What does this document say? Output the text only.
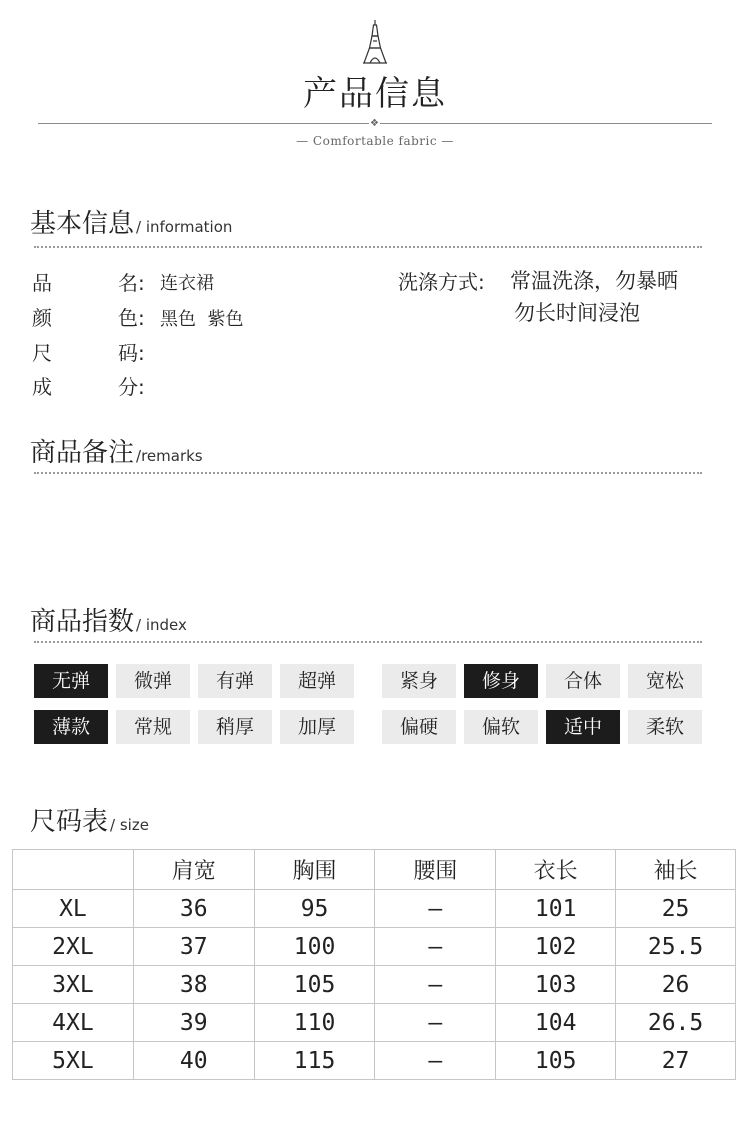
产品信息
❖
— Comfortable fabric —
基本信息 / information
品	名: 连衣裙
颜	色: 黑色  紫色
尺	码:
成	分:
洗涤方式: 常温洗涤，勿暴晒
勿长时间浸泡
商品备注 /remarks
商品指数 / index
无弹	微弹	有弹	超弹	紧身	修身	合体	宽松
薄款	常规	稍厚	加厚	偏硬	偏软	适中	柔软
尺码表 / size
	肩宽	胸围	腰围	衣长	袖长
XL	36	95	–	101	25
2XL	37	100	–	102	25.5
3XL	38	105	–	103	26
4XL	39	110	–	104	26.5
5XL	40	115	–	105	27
